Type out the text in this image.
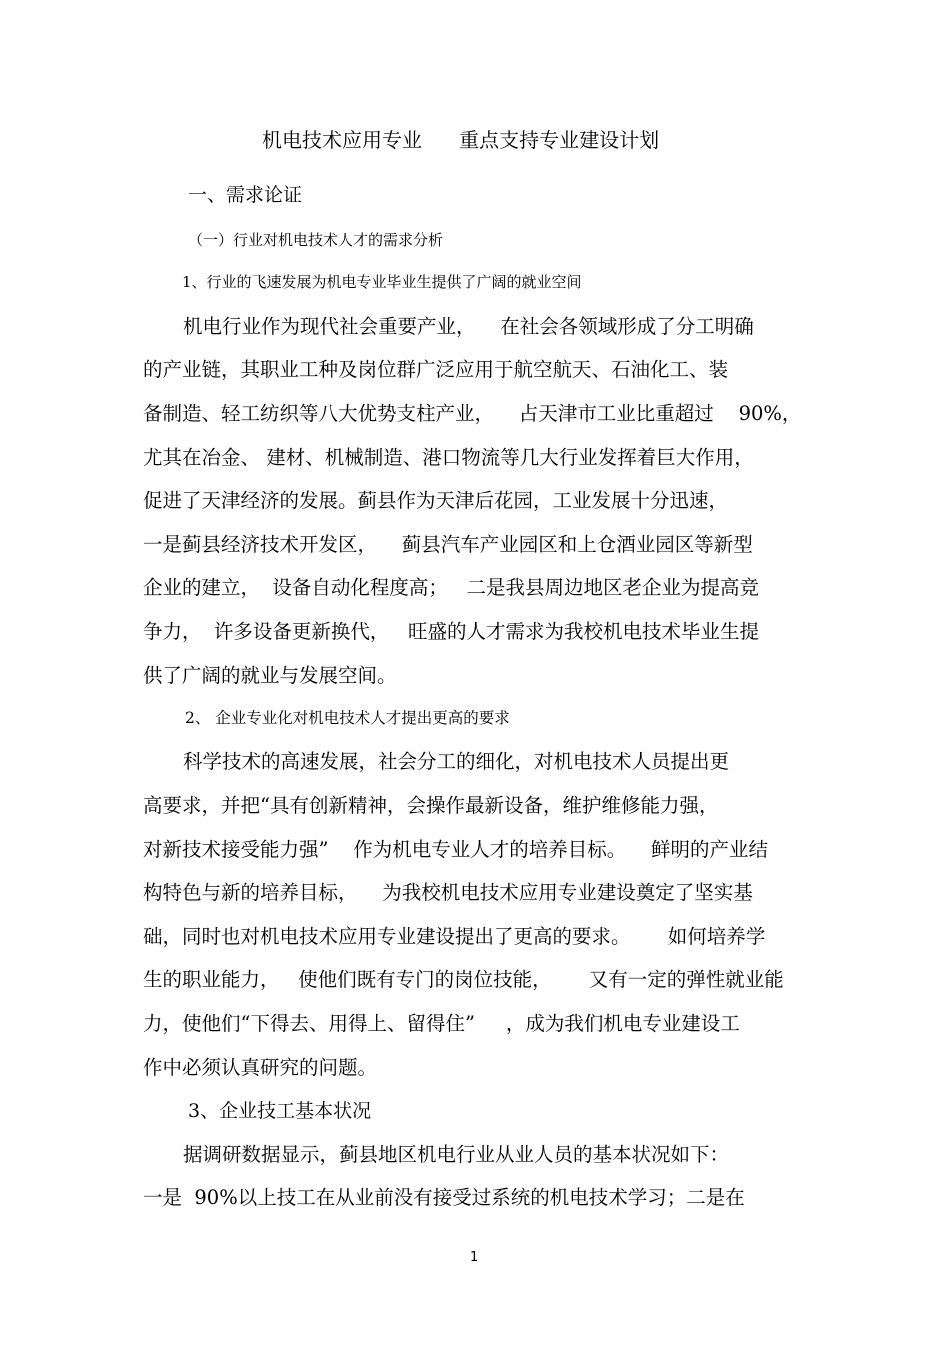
机电技术应用专业   重点支持专业建设计划

一、需求论证

（一）行业对机电技术人才的需求分析

1、行业的飞速发展为机电专业毕业生提供了广阔的就业空间

机电行业作为现代社会重要产业，    在社会各领域形成了分工明确

的产业链，其职业工种及岗位群广泛应用于航空航天、石油化工、装

备制造、轻工纺织等八大优势支柱产业，    占天津市工业比重超过    90%，

尤其在冶金、 建材、机械制造、港口物流等几大行业发挥着巨大作用，

促进了天津经济的发展。蓟县作为天津后花园，工业发展十分迅速，

一是蓟县经济技术开发区，    蓟县汽车产业园区和上仓酒业园区等新型

企业的建立，  设备自动化程度高；   二是我县周边地区老企业为提高竞

争力，  许多设备更新换代，   旺盛的人才需求为我校机电技术毕业生提

供了广阔的就业与发展空间。

2、 企业专业化对机电技术人才提出更高的要求

科学技术的高速发展，社会分工的细化，对机电技术人员提出更

高要求，并把“具有创新精神，会操作最新设备，维护维修能力强，

对新技术接受能力强”    作为机电专业人才的培养目标。    鲜明的产业结

构特色与新的培养目标，    为我校机电技术应用专业建设奠定了坚实基

础，同时也对机电技术应用专业建设提出了更高的要求。      如何培养学

生的职业能力，   使他们既有专门的岗位技能，      又有一定的弹性就业能

力，使他们“下得去、用得上、留得住”     ，成为我们机电专业建设工

作中必须认真研究的问题。

3、企业技工基本状况

据调研数据显示，蓟县地区机电行业从业人员的基本状况如下：

一是  90%以上技工在从业前没有接受过系统的机电技术学习；二是在

1
